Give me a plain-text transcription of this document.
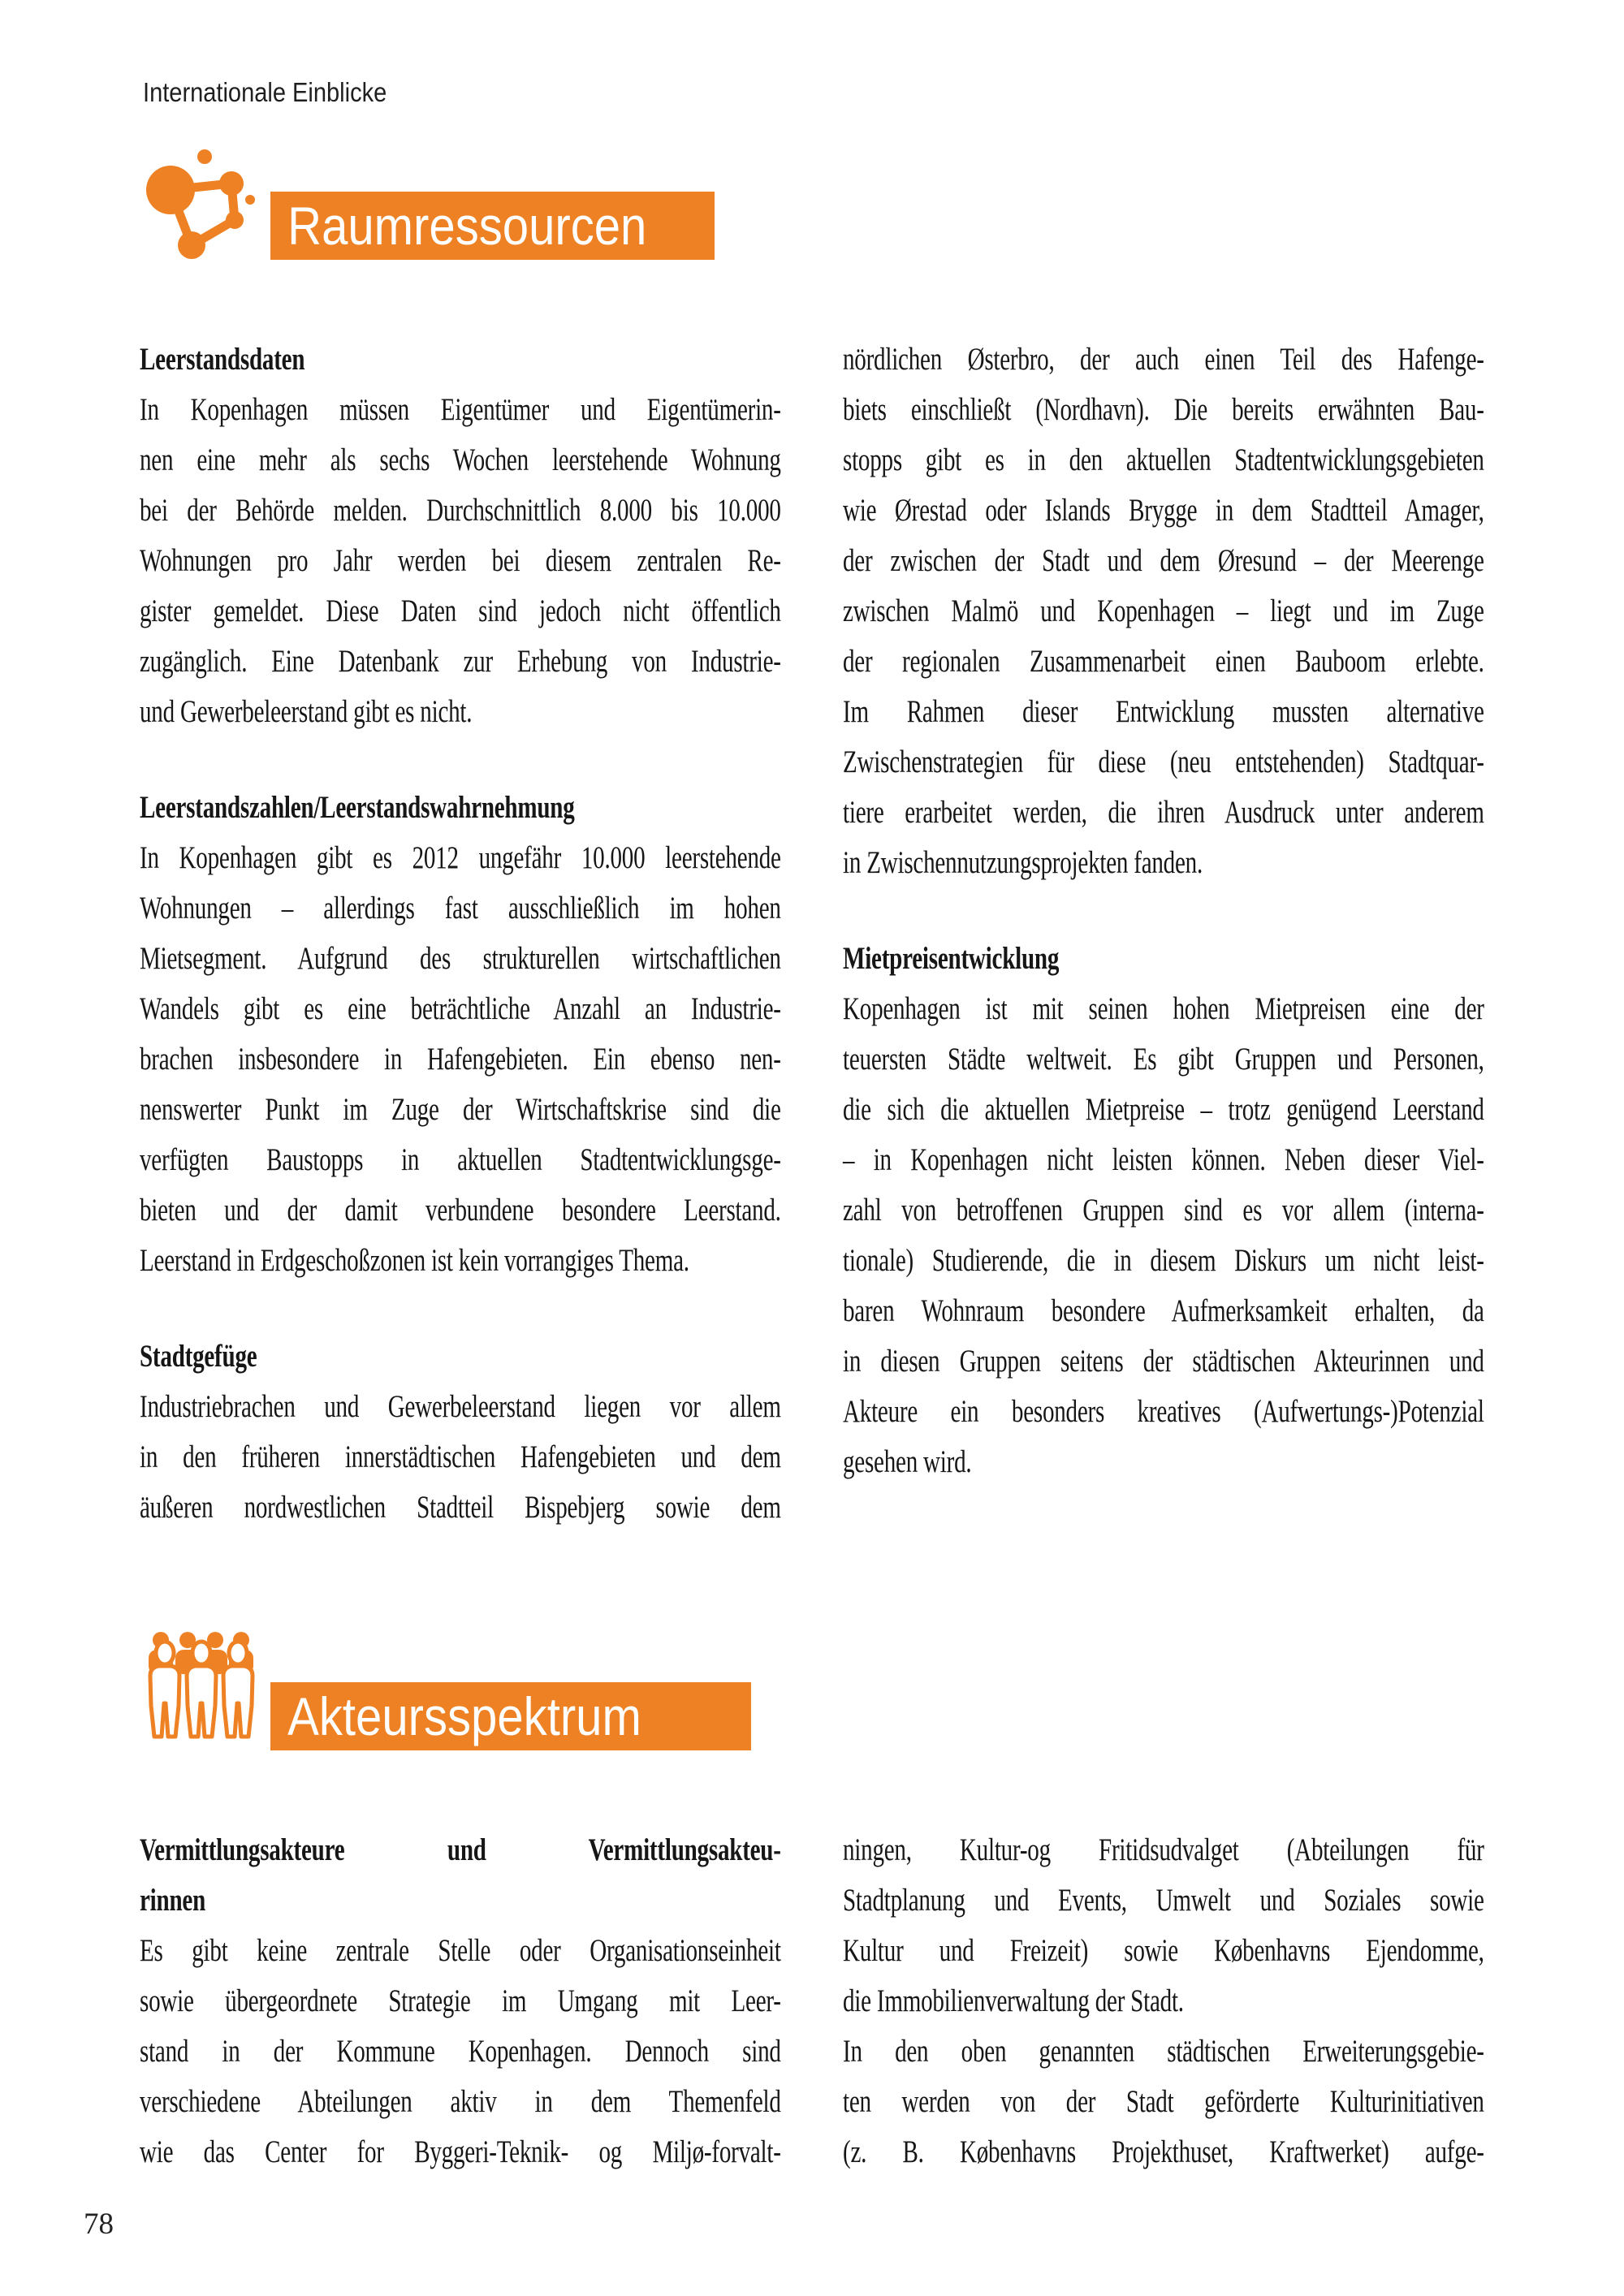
Internationale Einblicke
Raumressourcen
Leerstandsdaten
In Kopenhagen müssen Eigentümer und Eigentümerin-
nen eine mehr als sechs Wochen leerstehende Wohnung
bei der Behörde melden. Durchschnittlich 8.000 bis 10.000
Wohnungen pro Jahr werden bei diesem zentralen Re-
gister gemeldet. Diese Daten sind jedoch nicht öffentlich
zugänglich. Eine Datenbank zur Erhebung von Industrie-
und Gewerbeleerstand gibt es nicht.
Leerstandszahlen/Leerstandswahrnehmung
In Kopenhagen gibt es 2012 ungefähr 10.000 leerstehende
Wohnungen – allerdings fast ausschließlich im hohen
Mietsegment. Aufgrund des strukturellen wirtschaftlichen
Wandels gibt es eine beträchtliche Anzahl an Industrie-
brachen insbesondere in Hafengebieten. Ein ebenso nen-
nenswerter Punkt im Zuge der Wirtschaftskrise sind die
verfügten Baustopps in aktuellen Stadtentwicklungsge-
bieten und der damit verbundene besondere Leerstand.
Leerstand in Erdgeschoßzonen ist kein vorrangiges Thema.
Stadtgefüge
Industriebrachen und Gewerbeleerstand liegen vor allem
in den früheren innerstädtischen Hafengebieten und dem
äußeren nordwestlichen Stadtteil Bispebjerg sowie dem
nördlichen Østerbro, der auch einen Teil des Hafenge-
biets einschließt (Nordhavn). Die bereits erwähnten Bau-
stopps gibt es in den aktuellen Stadtentwicklungsgebieten
wie Ørestad oder Islands Brygge in dem Stadtteil Amager,
der zwischen der Stadt und dem Øresund – der Meerenge
zwischen Malmö und Kopenhagen – liegt und im Zuge
der regionalen Zusammenarbeit einen Bauboom erlebte.
Im Rahmen dieser Entwicklung mussten alternative
Zwischenstrategien für diese (neu entstehenden) Stadtquar-
tiere erarbeitet werden, die ihren Ausdruck unter anderem
in Zwischennutzungsprojekten fanden.
Mietpreisentwicklung
Kopenhagen ist mit seinen hohen Mietpreisen eine der
teuersten Städte weltweit. Es gibt Gruppen und Personen,
die sich die aktuellen Mietpreise – trotz genügend Leerstand
– in Kopenhagen nicht leisten können. Neben dieser Viel-
zahl von betroffenen Gruppen sind es vor allem (interna-
tionale) Studierende, die in diesem Diskurs um nicht leist-
baren Wohnraum besondere Aufmerksamkeit erhalten, da
in diesen Gruppen seitens der städtischen Akteurinnen und
Akteure ein besonders kreatives (Aufwertungs-)Potenzial
gesehen wird.
Akteursspektrum
Vermittlungsakteure und Vermittlungsakteu-
rinnen
Es gibt keine zentrale Stelle oder Organisationseinheit
sowie übergeordnete Strategie im Umgang mit Leer-
stand in der Kommune Kopenhagen. Dennoch sind
verschiedene Abteilungen aktiv in dem Themenfeld
wie das Center for Byggeri-Teknik- og Miljø-forvalt-
ningen, Kultur-og Fritidsudvalget (Abteilungen für
Stadtplanung und Events, Umwelt und Soziales sowie
Kultur und Freizeit) sowie Københavns Ejendomme,
die Immobilienverwaltung der Stadt.
In den oben genannten städtischen Erweiterungsgebie-
ten werden von der Stadt geförderte Kulturinitiativen
(z. B. Københavns Projekthuset, Kraftwerket) aufge-
78
